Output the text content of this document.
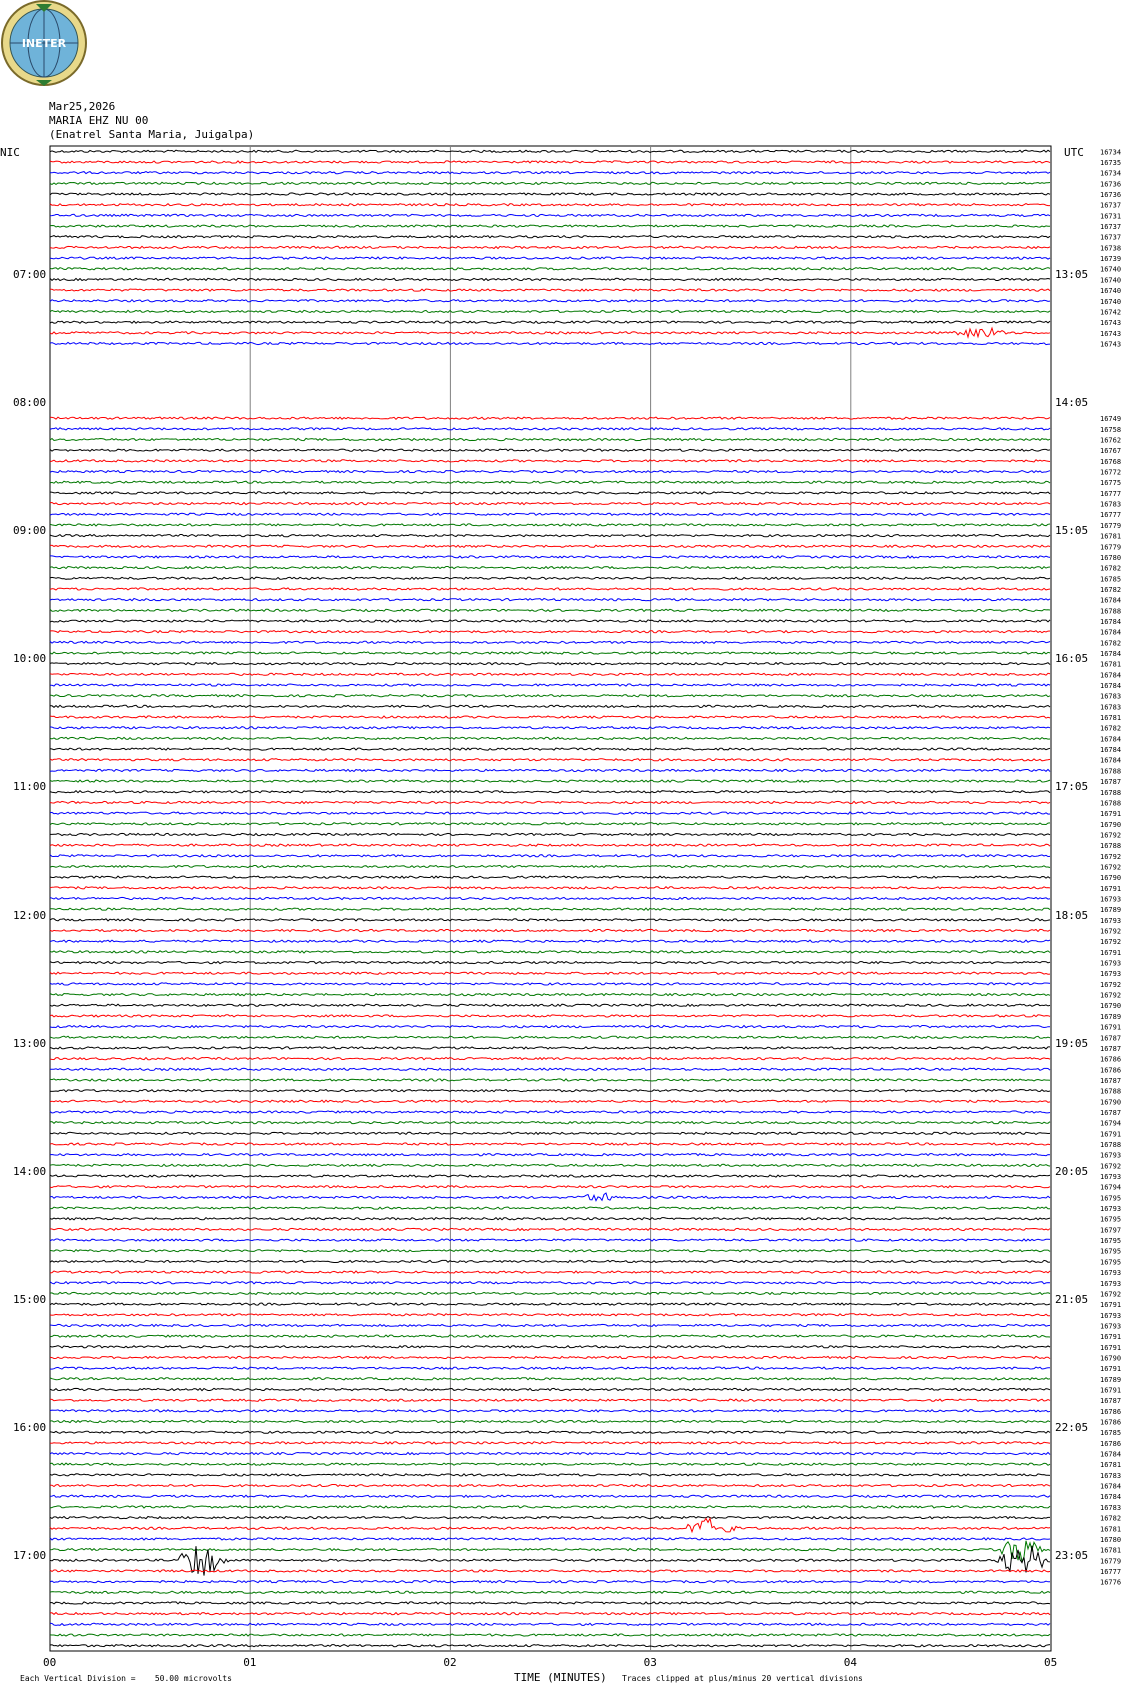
INETER
Mar25,2026
MARIA EHZ NU 00
(Enatrel Santa Maria, Juigalpa)
NIC	UTC 16734
16735
16734
16736
16736
16737
16731
16737
16737
16738
16739
16740
16740
16740
16740
16742
16743
16743
16743
16749
16758
16762
16767
16768
16772
16775
16777
16783
16777
16779
16781
16779
16780
16782
16785
16782
16784
16788
16784
16784
16782
16784
16781
16784
16784
16783
16783
16781
16782
16784
16784
16784
16788
16787
16788
16788
16791
16790
16792
16788
16792
16792
16790
16791
16793
16789
16793
16792
16792
16791
16793
16793
16792
16792
16790
16789
16791
16787
16787
16786
16786
16787
16788
16790
16787
16794
16791
16788
16793
16792
16793
16794
16795
16793
16795
16797
16795
16795
16795
16793
16793
16792
16791
16793
16793
16791
16791
16790
16791
16789
16791
16787
16786
16786
16785
16786
16784
16781
16783
16784
16784
16783
16782
16781
16780
16781
16779
16777
16776
07:00	13:05
08:00	14:05
09:00	15:05
10:00	16:05
11:00	17:05
12:00	18:05
13:00	19:05
14:00	20:05
15:00	21:05
16:00	22:05
17:00	23:05
00	01	02	03	04	05
TIME (MINUTES)
Each Vertical Division =    50.00 microvolts	Traces clipped at plus/minus 20 vertical divisions
